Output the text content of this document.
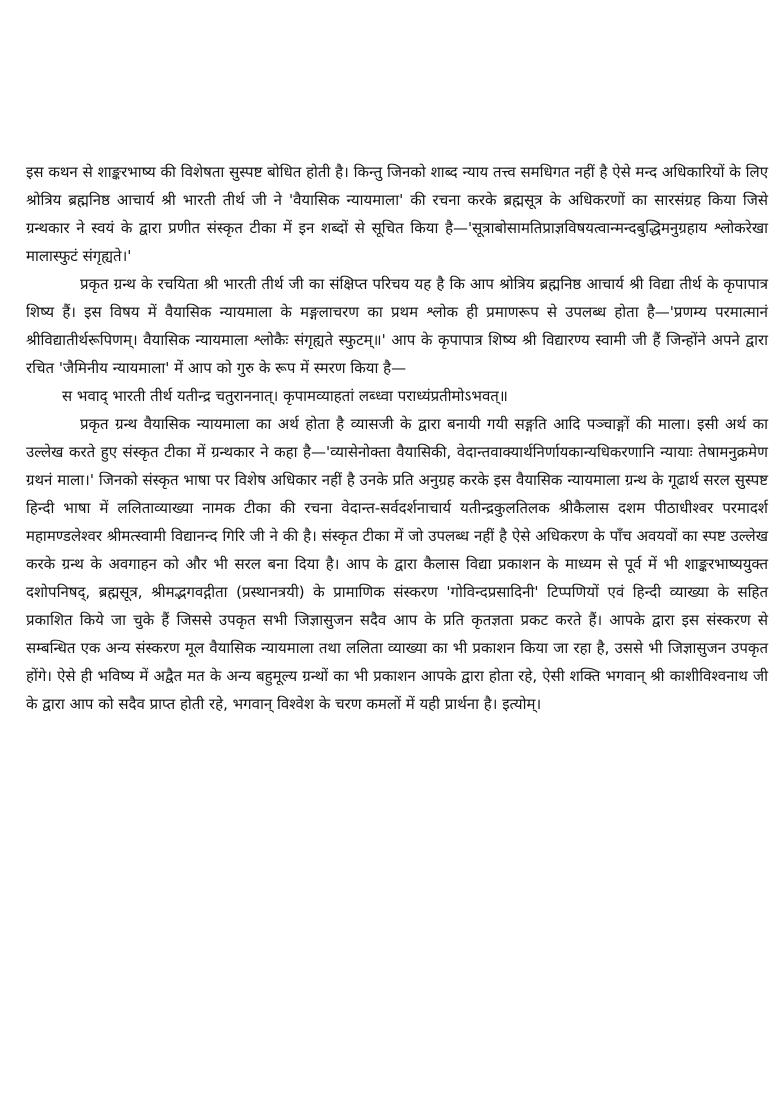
इस कथन से शाङ्करभाष्य की विशेषता सुस्पष्ट बोधित होती है। किन्तु जिनको शाब्द न्याय तत्त्व समधिगत नहीं है ऐसे मन्द अधिकारियों के लिए श्रोत्रिय ब्रह्मनिष्ठ आचार्य श्री भारती तीर्थ जी ने 'वैयासिक न्यायमाला' की रचना करके ब्रह्मसूत्र के अधिकरणों का सारसंग्रह किया जिसे ग्रन्थकार ने स्वयं के द्वारा प्रणीत संस्कृत टीका में इन शब्दों से सूचित किया है—'सूत्राबोसामतिप्राज्ञविषयत्वान्मन्दबुद्धिमनुग्रहाय श्लोकरेखा मालास्फुटं संगृह्यते।'

प्रकृत ग्रन्थ के रचयिता श्री भारती तीर्थ जी का संक्षिप्त परिचय यह है कि आप श्रोत्रिय ब्रह्मनिष्ठ आचार्य श्री विद्या तीर्थ के कृपापात्र शिष्य हैं। इस विषय में वैयासिक न्यायमाला के मङ्गलाचरण का प्रथम श्लोक ही प्रमाणरूप से उपलब्ध होता है—'प्रणम्य परमात्मानं श्रीविद्यातीर्थरूपिणम्। वैयासिक न्यायमाला श्लोकैः संगृह्यते स्फुटम्॥' आप के कृपापात्र शिष्य श्री विद्यारण्य स्वामी जी हैं जिन्होंने अपने द्वारा रचित 'जैमिनीय न्यायमाला' में आप को गुरु के रूप में स्मरण किया है—

स भवाद् भारती तीर्थ यतीन्द्र चतुराननात्। कृपामव्याहतां लब्ध्वा पराध्यंप्रतीमोऽभवत्॥

प्रकृत ग्रन्थ वैयासिक न्यायमाला का अर्थ होता है व्यासजी के द्वारा बनायी गयी सङ्गति आदि पञ्चाङ्गों की माला। इसी अर्थ का उल्लेख करते हुए संस्कृत टीका में ग्रन्थकार ने कहा है—'व्यासेनोक्ता वैयासिकी, वेदान्तवाक्यार्थनिर्णायकान्यधिकरणानि न्यायाः तेषामनुक्रमेण ग्रथनं माला।' जिनको संस्कृत भाषा पर विशेष अधिकार नहीं है उनके प्रति अनुग्रह करके इस वैयासिक न्यायमाला ग्रन्थ के गूढार्थ सरल सुस्पष्ट हिन्दी भाषा में ललिताव्याख्या नामक टीका की रचना वेदान्त-सर्वदर्शनाचार्य यतीन्द्रकुलतिलक श्रीकैलास दशम पीठाधीश्वर परमादर्श महामण्डलेश्वर श्रीमत्स्वामी विद्यानन्द गिरि जी ने की है। संस्कृत टीका में जो उपलब्ध नहीं है ऐसे अधिकरण के पाँच अवयवों का स्पष्ट उल्लेख करके ग्रन्थ के अवगाहन को और भी सरल बना दिया है। आप के द्वारा कैलास विद्या प्रकाशन के माध्यम से पूर्व में भी शाङ्करभाष्ययुक्त दशोपनिषद्, ब्रह्मसूत्र, श्रीमद्भगवद्गीता (प्रस्थानत्रयी) के प्रामाणिक संस्करण 'गोविन्दप्रसादिनी' टिप्पणियों एवं हिन्दी व्याख्या के सहित प्रकाशित किये जा चुके हैं जिससे उपकृत सभी जिज्ञासुजन सदैव आप के प्रति कृतज्ञता प्रकट करते हैं। आपके द्वारा इस संस्करण से सम्बन्धित एक अन्य संस्करण मूल वैयासिक न्यायमाला तथा ललिता व्याख्या का भी प्रकाशन किया जा रहा है, उससे भी जिज्ञासुजन उपकृत होंगे। ऐसे ही भविष्य में अद्वैत मत के अन्य बहुमूल्य ग्रन्थों का भी प्रकाशन आपके द्वारा होता रहे, ऐसी शक्ति भगवान् श्री काशीविश्वनाथ जी के द्वारा आप को सदैव प्राप्त होती रहे, भगवान् विश्वेश के चरण कमलों में यही प्रार्थना है। इत्योम्।
